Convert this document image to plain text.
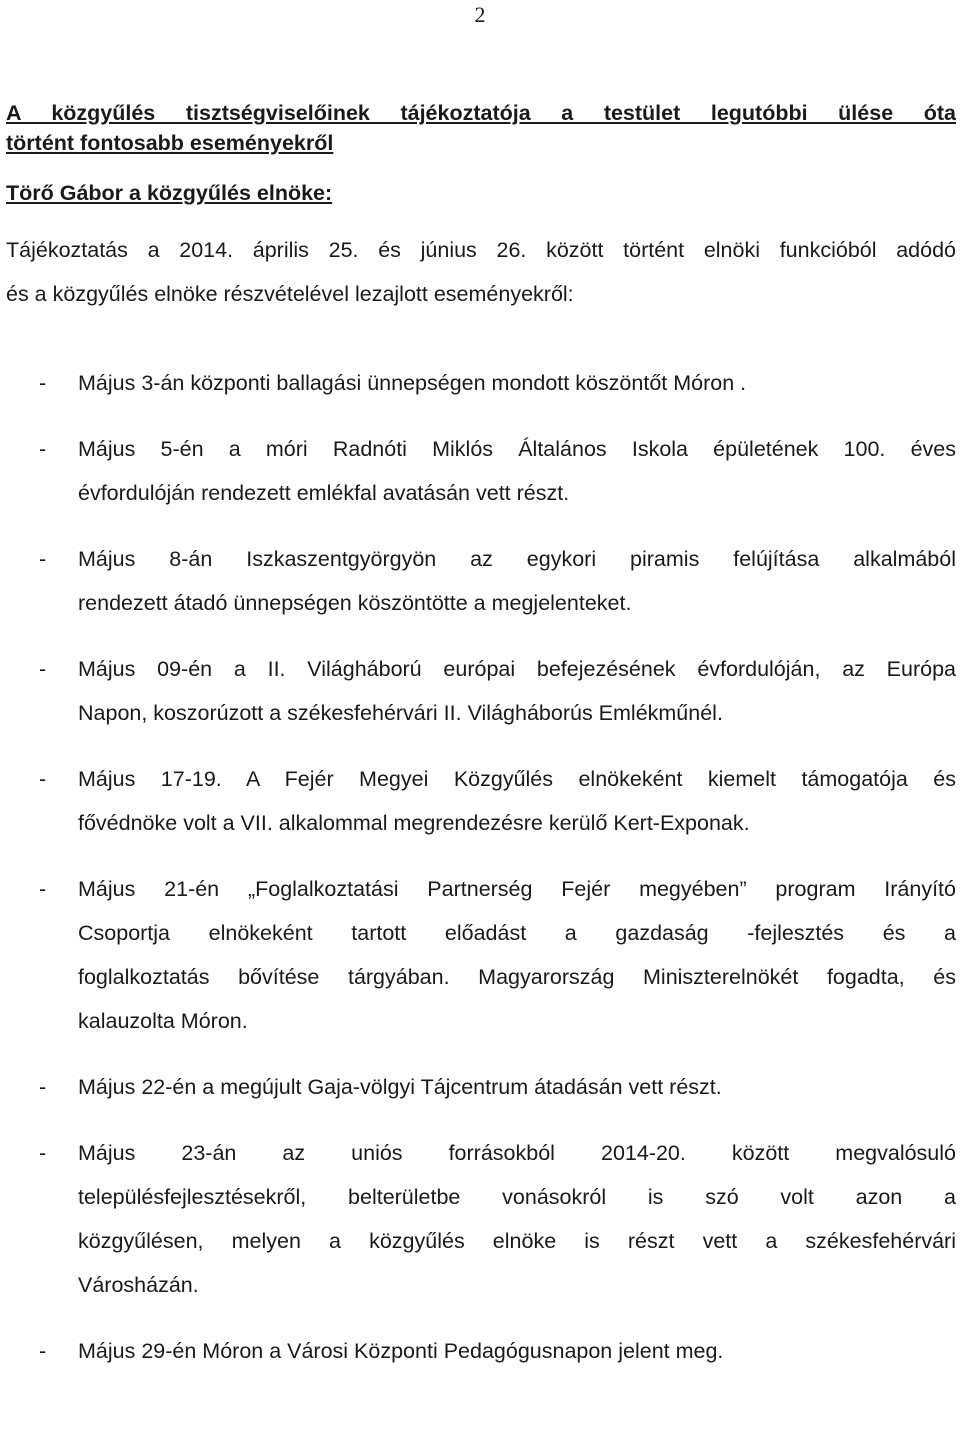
2
A közgyűlés tisztségviselőinek tájékoztatója a testület legutóbbi ülése óta
történt fontosabb eseményekről
Törő Gábor a közgyűlés elnöke:
Tájékoztatás a 2014. április 25. és június 26. között történt elnöki funkcióból adódó
és a közgyűlés elnöke részvételével lezajlott eseményekről:
- Május 3-án központi ballagási ünnepségen mondott köszöntőt Móron .
- Május 5-én a móri Radnóti Miklós Általános Iskola épületének 100. éves
évfordulóján rendezett emlékfal avatásán vett részt.
- Május 8-án Iszkaszentgyörgyön az egykori piramis felújítása alkalmából
rendezett átadó ünnepségen köszöntötte a megjelenteket.
- Május 09-én a II. Világháború európai befejezésének évfordulóján, az Európa
Napon, koszorúzott a székesfehérvári II. Világháborús Emlékműnél.
- Május 17-19. A Fejér Megyei Közgyűlés elnökeként kiemelt támogatója és
fővédnöke volt a VII. alkalommal megrendezésre kerülő Kert-Exponak.
- Május 21-én „Foglalkoztatási Partnerség Fejér megyében” program Irányító
Csoportja elnökeként tartott előadást a gazdaság -fejlesztés és a
foglalkoztatás bővítése tárgyában. Magyarország Miniszterelnökét fogadta, és
kalauzolta Móron.
- Május 22-én a megújult Gaja-völgyi Tájcentrum átadásán vett részt.
- Május 23-án az uniós forrásokból 2014-20. között megvalósuló
településfejlesztésekről, belterületbe vonásokról is szó volt azon a
közgyűlésen, melyen a közgyűlés elnöke is részt vett a székesfehérvári
Városházán.
- Május 29-én Móron a Városi Központi Pedagógusnapon jelent meg.
